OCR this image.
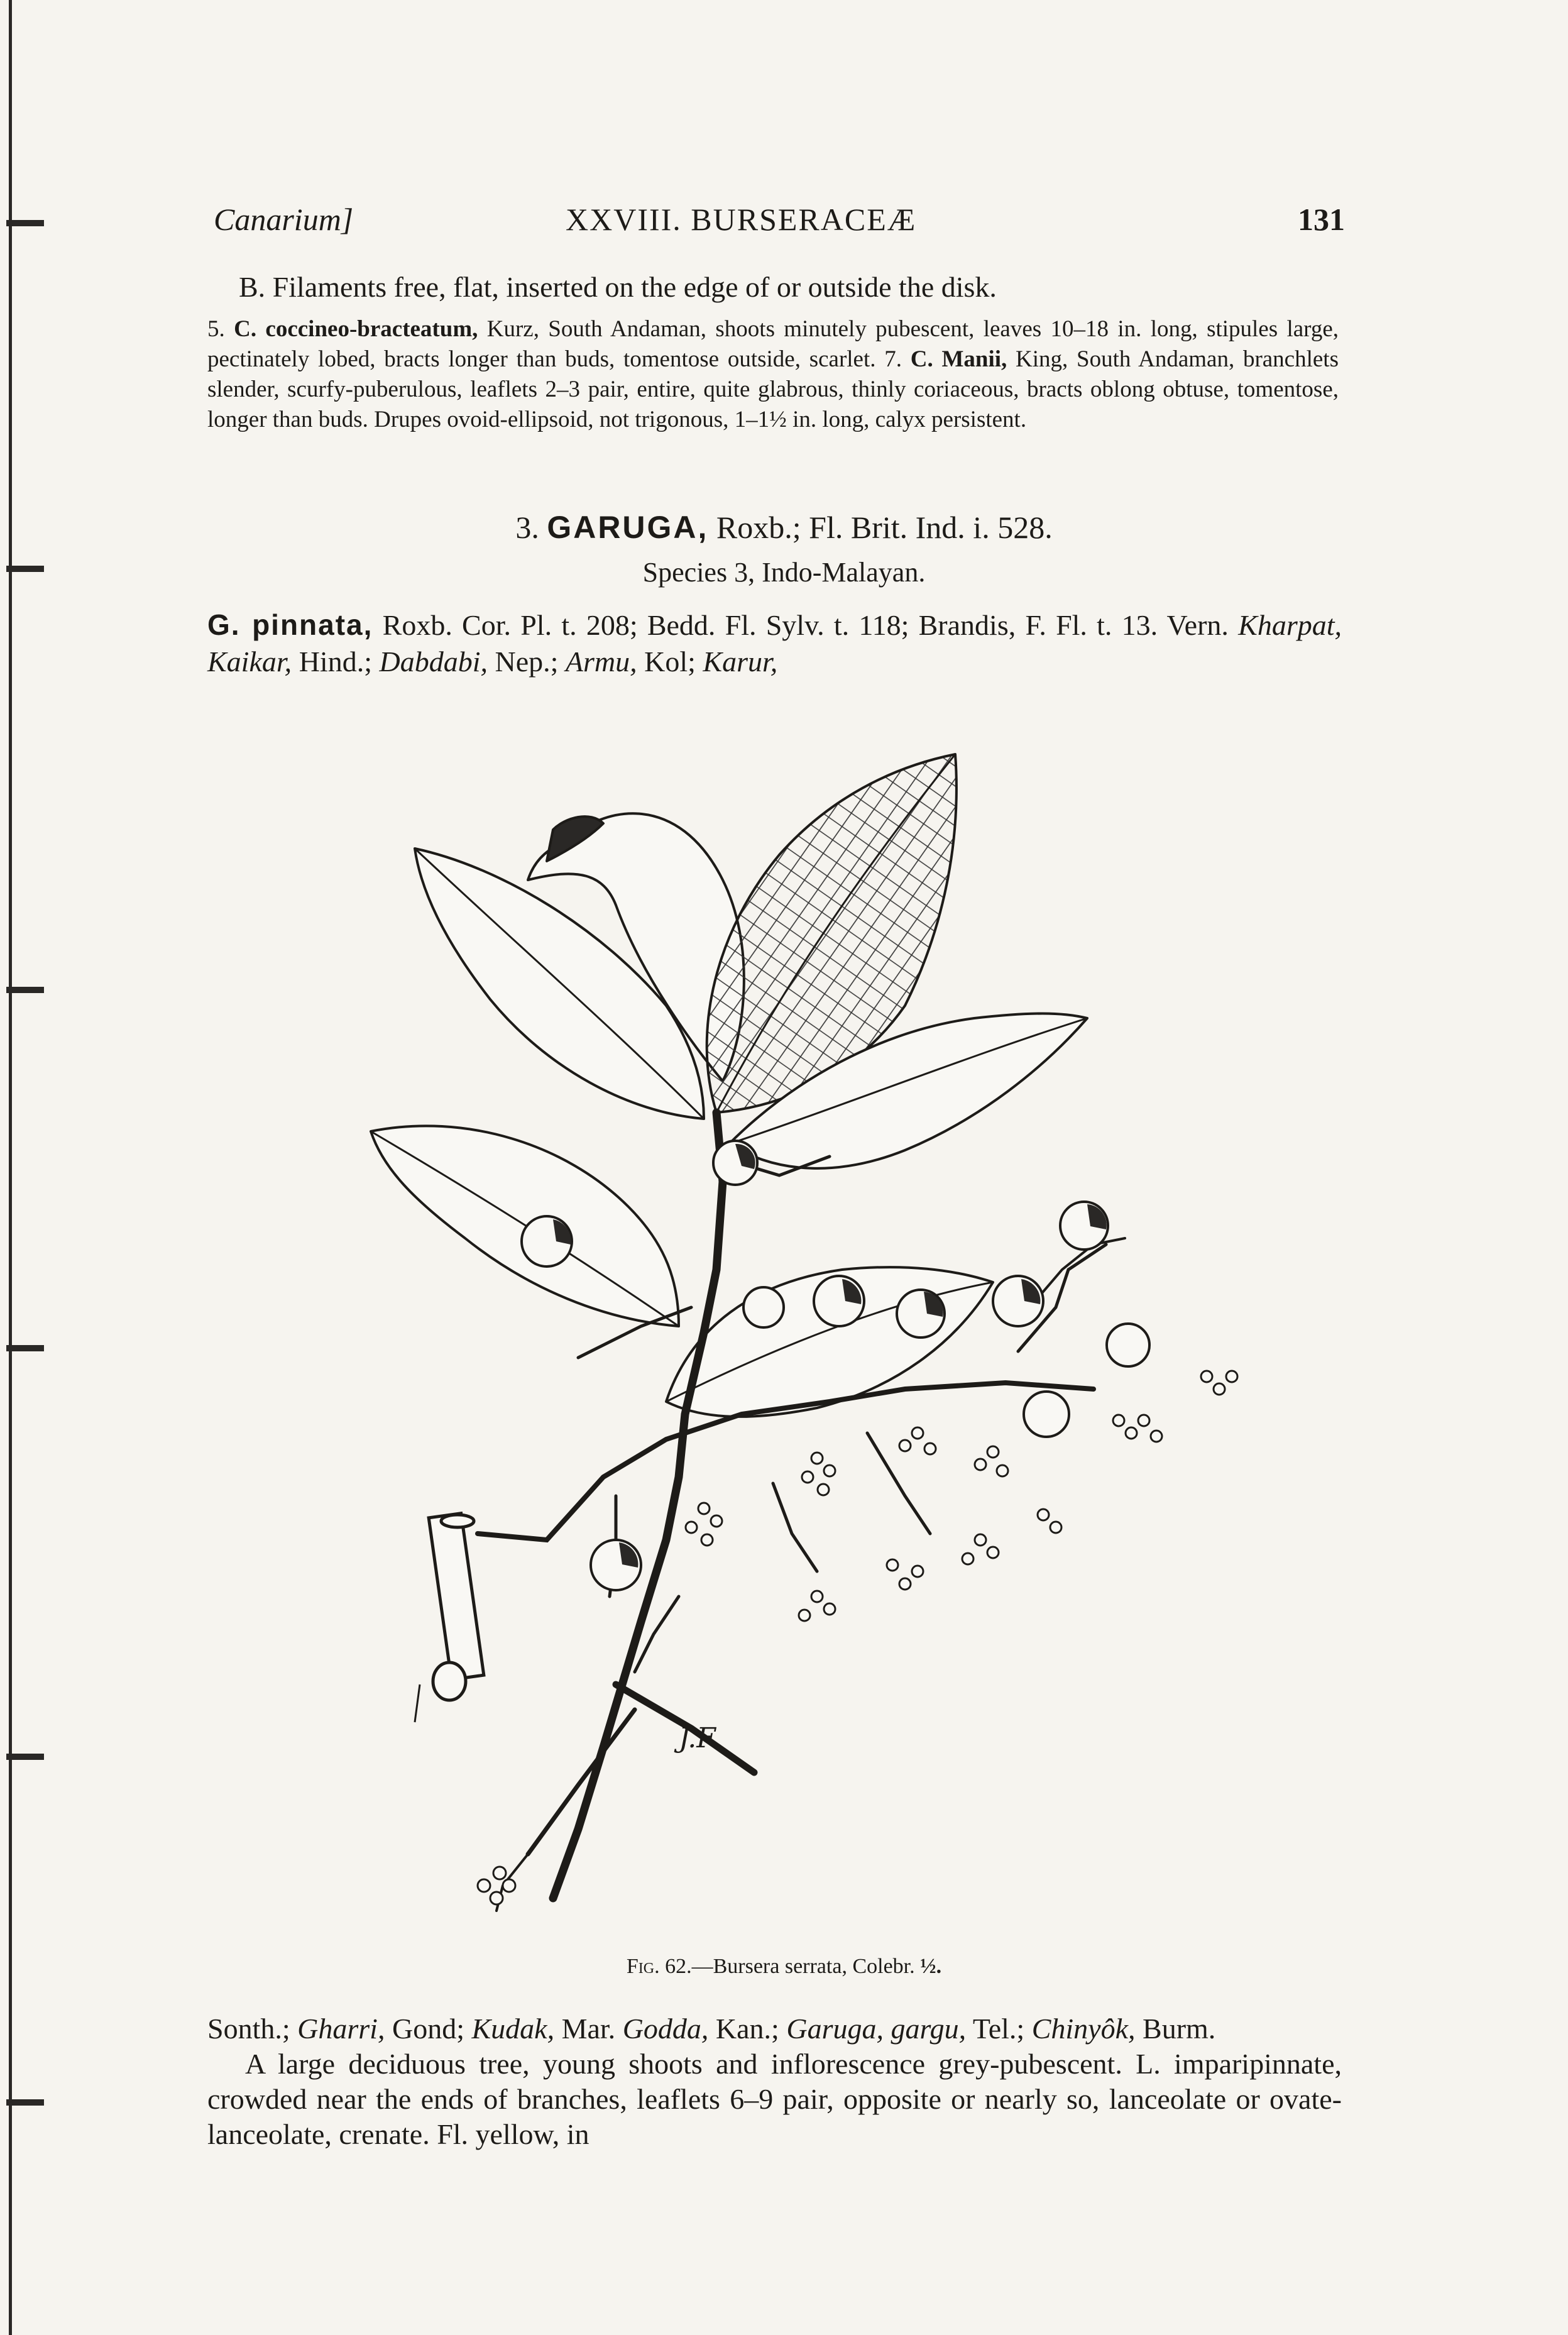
Canarium]	XXVIII. BURSERACEÆ	131
B. Filaments free, flat, inserted on the edge of or outside the disk.
5. C. coccineo-bracteatum, Kurz, South Andaman, shoots minutely pubescent, leaves 10–18 in. long, stipules large, pectinately lobed, bracts longer than buds, tomentose outside, scarlet. 7. C. Manii, King, South Andaman, branchlets slender, scurfy-puberulous, leaflets 2–3 pair, entire, quite glabrous, thinly coriaceous, bracts oblong obtuse, tomentose, longer than buds. Drupes ovoid-ellipsoid, not trigonous, 1–1½ in. long, calyx persistent.
3. GARUGA, Roxb.; Fl. Brit. Ind. i. 528.
Species 3, Indo-Malayan.
G. pinnata, Roxb. Cor. Pl. t. 208; Bedd. Fl. Sylv. t. 118; Brandis, F. Fl. t. 13. Vern. Kharpat, Kaikar, Hind.; Dabdabi, Nep.; Armu, Kol; Karur,
J.F.
Fig. 62.—Bursera serrata, Colebr. ½.

Sonth.; Gharri, Gond; Kudak, Mar. Godda, Kan.; Garuga, gargu, Tel.; Chinyôk, Burm.

A large deciduous tree, young shoots and inflorescence grey-pubescent. L. imparipinnate, crowded near the ends of branches, leaflets 6–9 pair, opposite or nearly so, lanceolate or ovate-lanceolate, crenate. Fl. yellow, in
